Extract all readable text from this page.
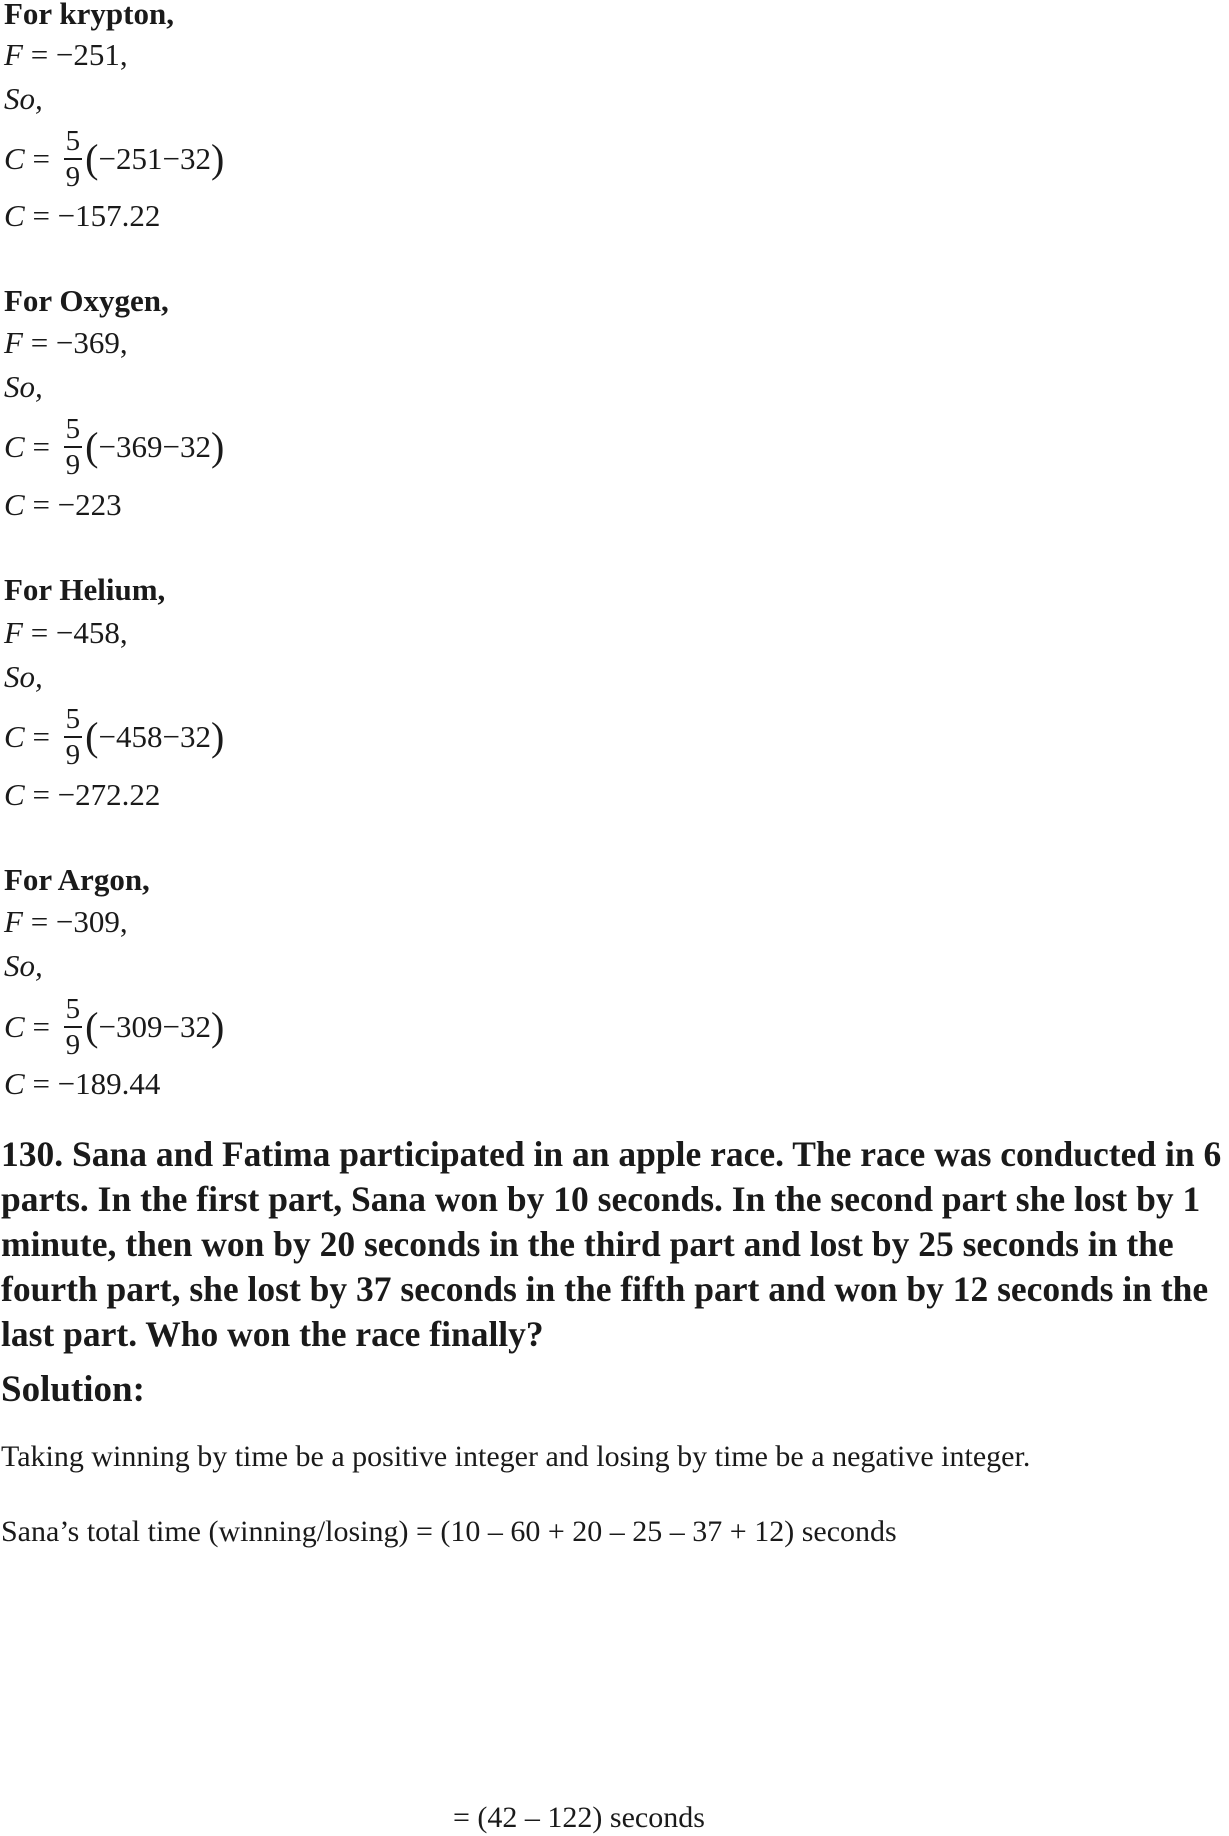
For krypton,
F = −251,
So,
$C = \frac{5}{9} (-251-32)$
C = −157.22
For Oxygen,
F = −369,
So,
$C = \frac{5}{9} (-369-32)$
C = −223
For Helium,
F = −458,
So,
$C = \frac{5}{9} (-458-32)$
C = −272.22
For Argon,
F = −309,
So,
$C = \frac{5}{9} (-309-32)$
C = −189.44
130. Sana and Fatima participated in an apple race. The race was conducted in 6 parts. In the first part, Sana won by 10 seconds. In the second part she lost by 1 minute, then won by 20 seconds in the third part and lost by 25 seconds in the fourth part, she lost by 37 seconds in the fifth part and won by 12 seconds in the last part. Who won the race finally?
Solution:
Taking winning by time be a positive integer and losing by time be a negative integer.
Sana’s total time (winning/losing) = (10 – 60 + 20 – 25 – 37 + 12) seconds
= (42 – 122) seconds
